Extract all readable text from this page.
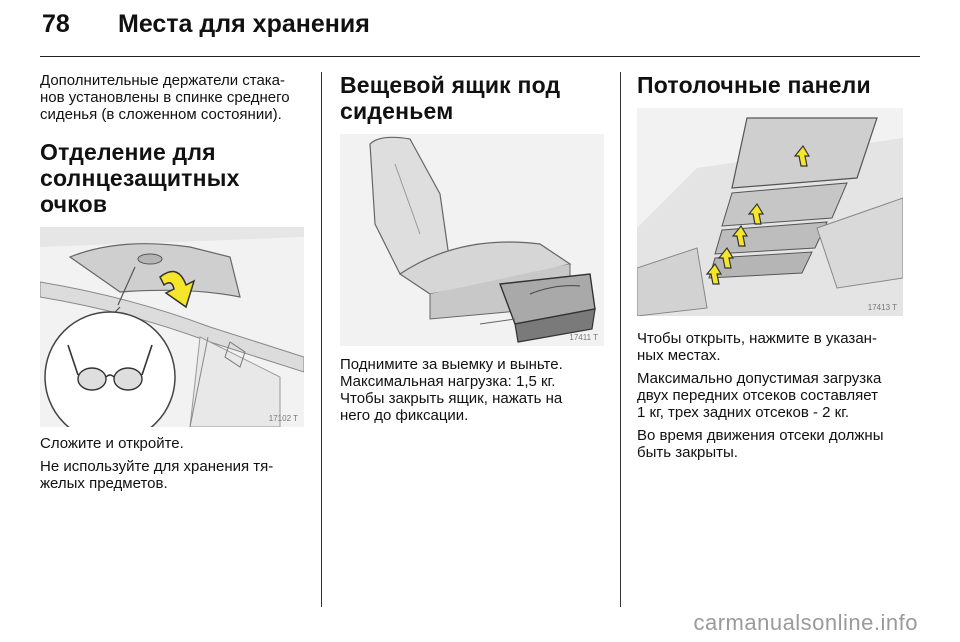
78 Места для хранения

Дополнительные держатели стака-
нов установлены в спинке среднего
сиденья (в сложенном состоянии).

Отделение для
солнцезащитных очков
17102 T

Сложите и откройте.

Не используйте для хранения тя-
желых предметов.

Вещевой ящик под
сиденьем
17411 T

Поднимите за выемку и выньте.
Максимальная нагрузка: 1,5 кг.
Чтобы закрыть ящик, нажать на
него до фиксации.

Потолочные панели
17413 T

Чтобы открыть, нажмите в указан-
ных местах.

Максимально допустимая загрузка
двух передних отсеков составляет
1 кг, трех задних отсеков - 2 кг.

Во время движения отсеки должны
быть закрыты.

carmanualsonline.info
